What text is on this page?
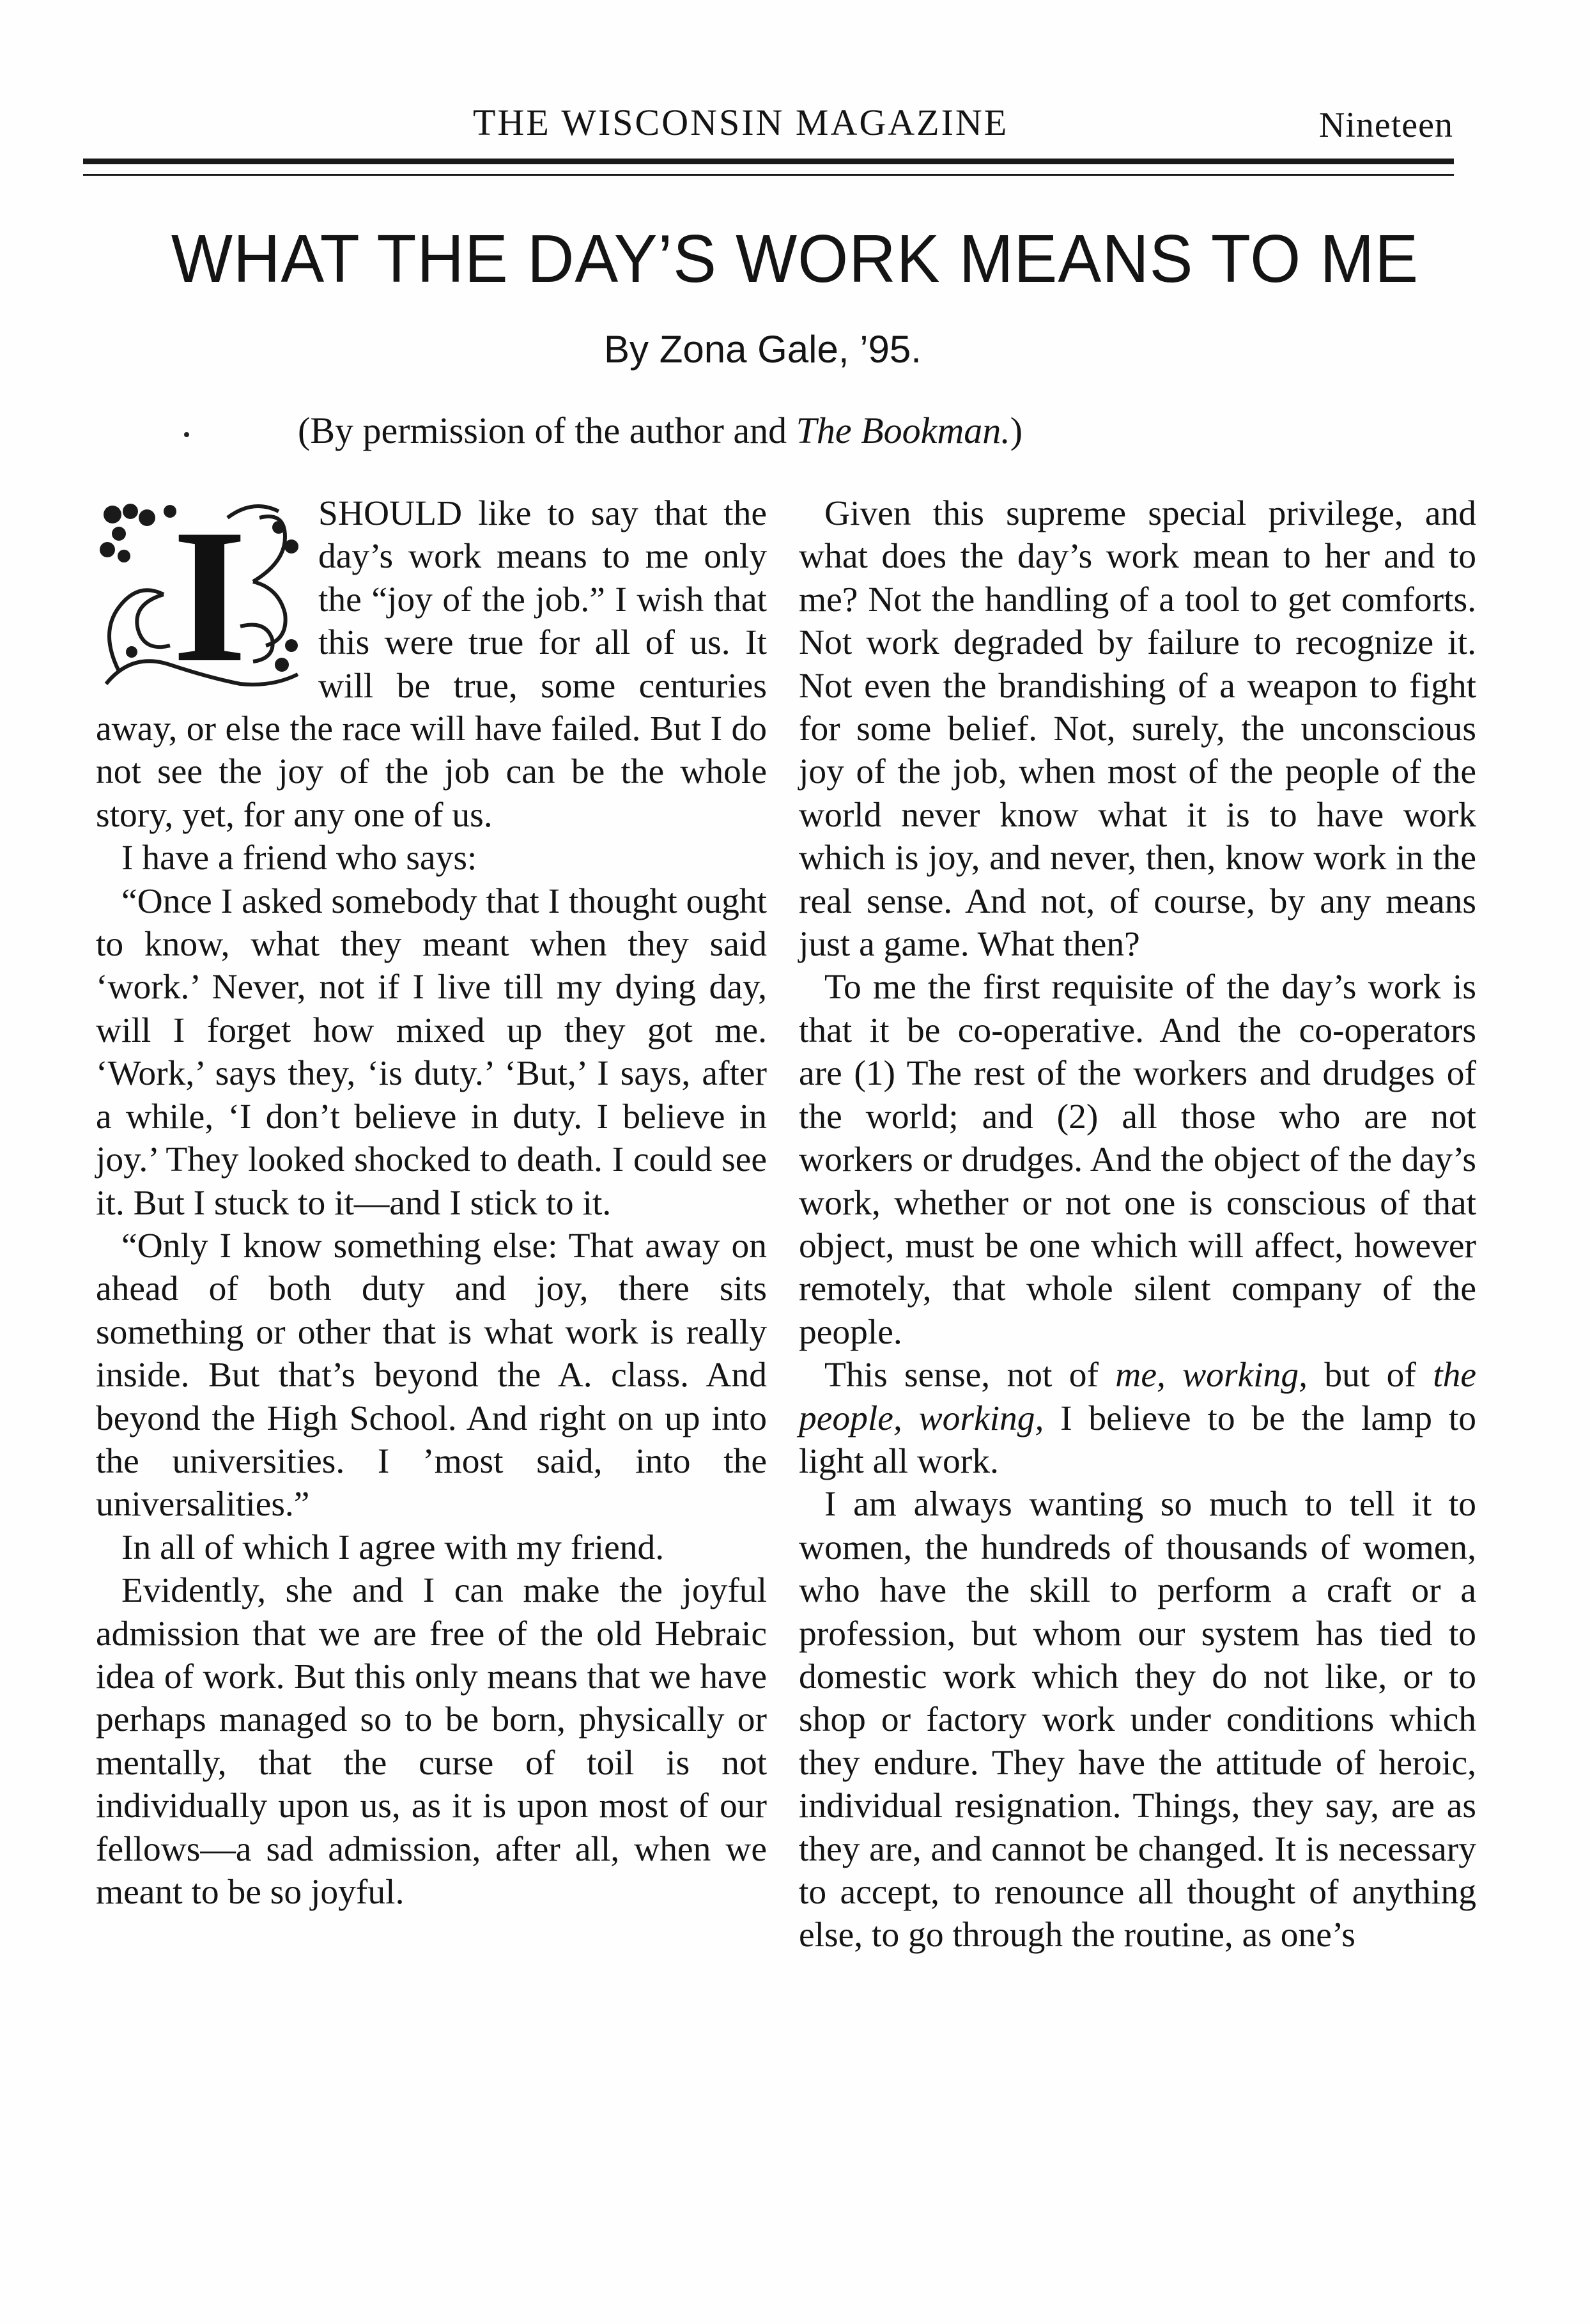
THE WISCONSIN MAGAZINE	Nineteen
WHAT THE DAY’S WORK MEANS TO ME
By Zona Gale, ’95.
(By permission of the author and The Bookman.)

I SHOULD like to say that the day’s work means to me only the “joy of the job.” I wish that this were true for all of us. It will be true, some centuries away, or else the race will have failed. But I do not see the joy of the job can be the whole story, yet, for any one of us.

I have a friend who says:

“Once I asked somebody that I thought ought to know, what they meant when they said ‘work.’ Never, not if I live till my dying day, will I forget how mixed up they got me. ‘Work,’ says they, ‘is duty.’ ‘But,’ I says, after a while, ‘I don’t believe in duty. I believe in joy.’ They looked shocked to death. I could see it. But I stuck to it—and I stick to it.

“Only I know something else: That away on ahead of both duty and joy, there sits something or other that is what work is really inside. But that’s beyond the A. class. And beyond the High School. And right on up into the universities. I ’most said, into the universalities.”

In all of which I agree with my friend.

Evidently, she and I can make the joyful admission that we are free of the old Hebraic idea of work. But this only means that we have perhaps managed so to be born, physically or mentally, that the curse of toil is not individually upon us, as it is upon most of our fellows—a sad admission, after all, when we meant to be so joyful.

Given this supreme special privilege, and what does the day’s work mean to her and to me? Not the handling of a tool to get comforts. Not work degraded by failure to recognize it. Not even the brandishing of a weapon to fight for some belief. Not, surely, the unconscious joy of the job, when most of the people of the world never know what it is to have work which is joy, and never, then, know work in the real sense. And not, of course, by any means just a game. What then?

To me the first requisite of the day’s work is that it be co-operative. And the co-operators are (1) The rest of the workers and drudges of the world; and (2) all those who are not workers or drudges. And the object of the day’s work, whether or not one is conscious of that object, must be one which will affect, however remotely, that whole silent company of the people.

This sense, not of me, working, but of the people, working, I believe to be the lamp to light all work.

I am always wanting so much to tell it to women, the hundreds of thousands of women, who have the skill to perform a craft or a profession, but whom our system has tied to domestic work which they do not like, or to shop or factory work under conditions which they endure. They have the attitude of heroic, individual resignation. Things, they say, are as they are, and cannot be changed. It is necessary to accept, to renounce all thought of anything else, to go through the routine, as one’s
